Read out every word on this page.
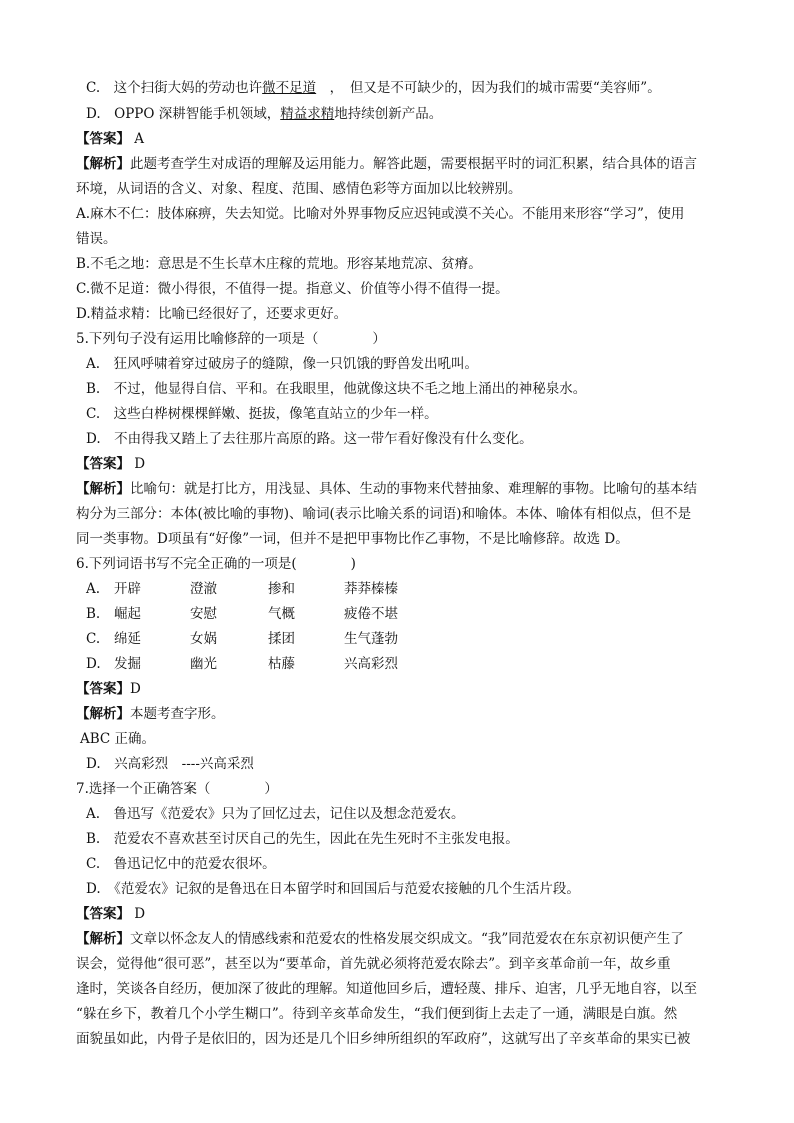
C.　这个扫街大妈的劳动也许微不足道　，　但又是不可缺少的，因为我们的城市需要“美容师”。
D.　OPPO 深耕智能手机领域，精益求精地持续创新产品。
【答案】 A
【解析】此题考查学生对成语的理解及运用能力。解答此题，需要根据平时的词汇积累，结合具体的语言
环境，从词语的含义、对象、程度、范围、感情色彩等方面加以比较辨别。
A.麻木不仁：肢体麻痹，失去知觉。比喻对外界事物反应迟钝或漠不关心。不能用来形容“学习”，使用
错误。
B.不毛之地：意思是不生长草木庄稼的荒地。形容某地荒凉、贫瘠。
C.微不足道：微小得很，不值得一提。指意义、价值等小得不值得一提。
D.精益求精：比喻已经很好了，还要求更好。
5.下列句子没有运用比喻修辞的一项是（　　　　）
A.　狂风呼啸着穿过破房子的缝隙，像一只饥饿的野兽发出吼叫。
B.　不过，他显得自信、平和。在我眼里，他就像这块不毛之地上涌出的神秘泉水。
C.　这些白桦树棵棵鲜嫩、挺拔，像笔直站立的少年一样。
D.　不由得我又踏上了去往那片高原的路。这一带乍看好像没有什么变化。
【答案】 D
【解析】比喻句：就是打比方，用浅显、具体、生动的事物来代替抽象、难理解的事物。比喻句的基本结
构分为三部分：本体(被比喻的事物)、喻词(表示比喻关系的词语)和喻体。本体、喻体有相似点，但不是
同一类事物。D项虽有“好像”一词，但并不是把甲事物比作乙事物，不是比喻修辞。故选 D。
6.下列词语书写不完全正确的一项是(　　　　)
A. 开辟	澄澈	掺和	莽莽榛榛
B. 崛起	安慰	气概	疲倦不堪
C. 绵延	女娲	揉团	生气蓬勃
D. 发掘	幽光	枯藤	兴高彩烈
【答案】D
【解析】本题考查字形。
ABC 正确。
D.　兴高彩烈　----兴高采烈
7.选择一个正确答案（　　　　）
A.　鲁迅写《范爱农》只为了回忆过去，记住以及想念范爱农。
B.　范爱农不喜欢甚至讨厌自己的先生，因此在先生死时不主张发电报。
C.　鲁迅记忆中的范爱农很坏。
D.　《范爱农》记叙的是鲁迅在日本留学时和回国后与范爱农接触的几个生活片段。
【答案】 D
【解析】文章以怀念友人的情感线索和范爱农的性格发展交织成文。“我”同范爱农在东京初识便产生了
误会，觉得他“很可恶”，甚至以为“要革命，首先就必须将范爱农除去”。到辛亥革命前一年，故乡重
逢时，笑谈各自经历，便加深了彼此的理解。知道他回乡后，遭轻蔑、排斥、迫害，几乎无地自容，以至
“躲在乡下，教着几个小学生糊口”。待到辛亥革命发生，“我们便到街上去走了一通，满眼是白旗。然
面貌虽如此，内骨子是依旧的，因为还是几个旧乡绅所组织的军政府”，这就写出了辛亥革命的果实已被
